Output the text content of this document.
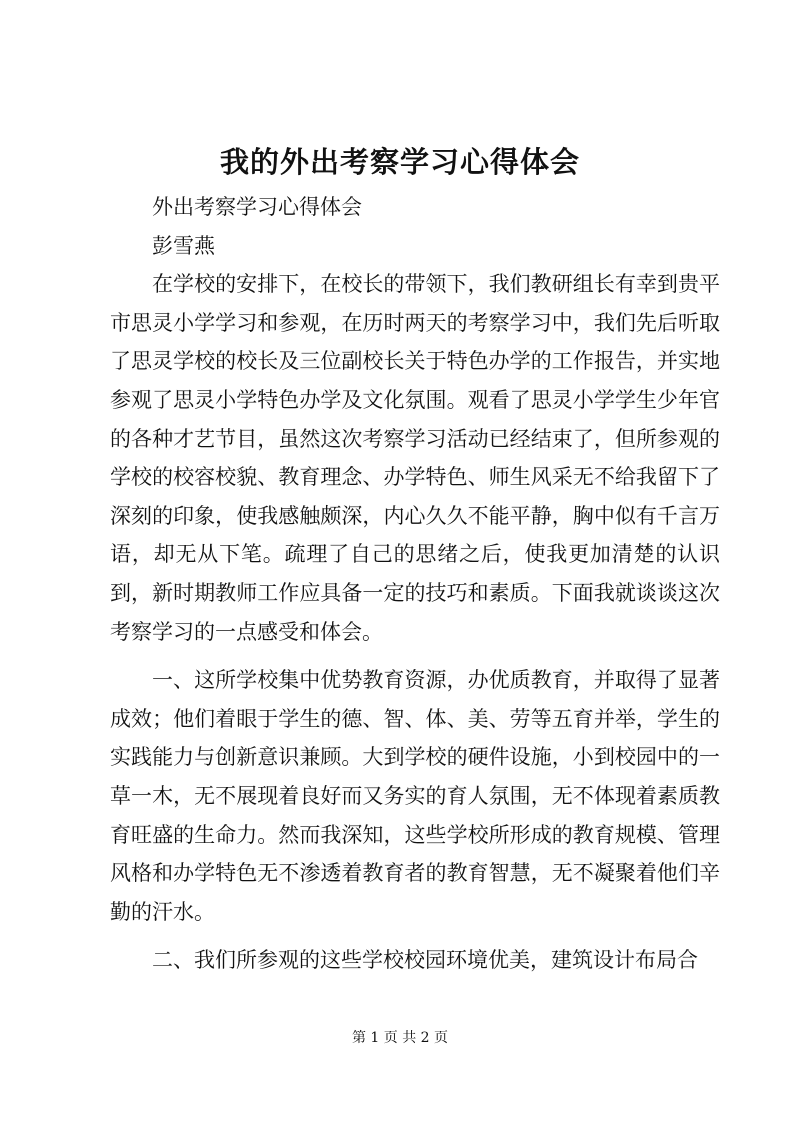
我的外出考察学习心得体会

外出考察学习心得体会

彭雪燕

在学校的安排下，在校长的带领下，我们教研组长有幸到贵平市思灵小学学习和参观，在历时两天的考察学习中，我们先后听取了思灵学校的校长及三位副校长关于特色办学的工作报告，并实地参观了思灵小学特色办学及文化氛围。观看了思灵小学学生少年官的各种才艺节目，虽然这次考察学习活动已经结束了，但所参观的学校的校容校貌、教育理念、办学特色、师生风采无不给我留下了深刻的印象，使我感触颇深，内心久久不能平静，胸中似有千言万语，却无从下笔。疏理了自己的思绪之后，使我更加清楚的认识到，新时期教师工作应具备一定的技巧和素质。下面我就谈谈这次考察学习的一点感受和体会。

一、这所学校集中优势教育资源，办优质教育，并取得了显著成效；他们着眼于学生的德、智、体、美、劳等五育并举，学生的实践能力与创新意识兼顾。大到学校的硬件设施，小到校园中的一草一木，无不展现着良好而又务实的育人氛围，无不体现着素质教育旺盛的生命力。然而我深知，这些学校所形成的教育规模、管理风格和办学特色无不渗透着教育者的教育智慧，无不凝聚着他们辛勤的汗水。

二、我们所参观的这些学校校园环境优美，建筑设计布局合

第 1 页 共 2 页
